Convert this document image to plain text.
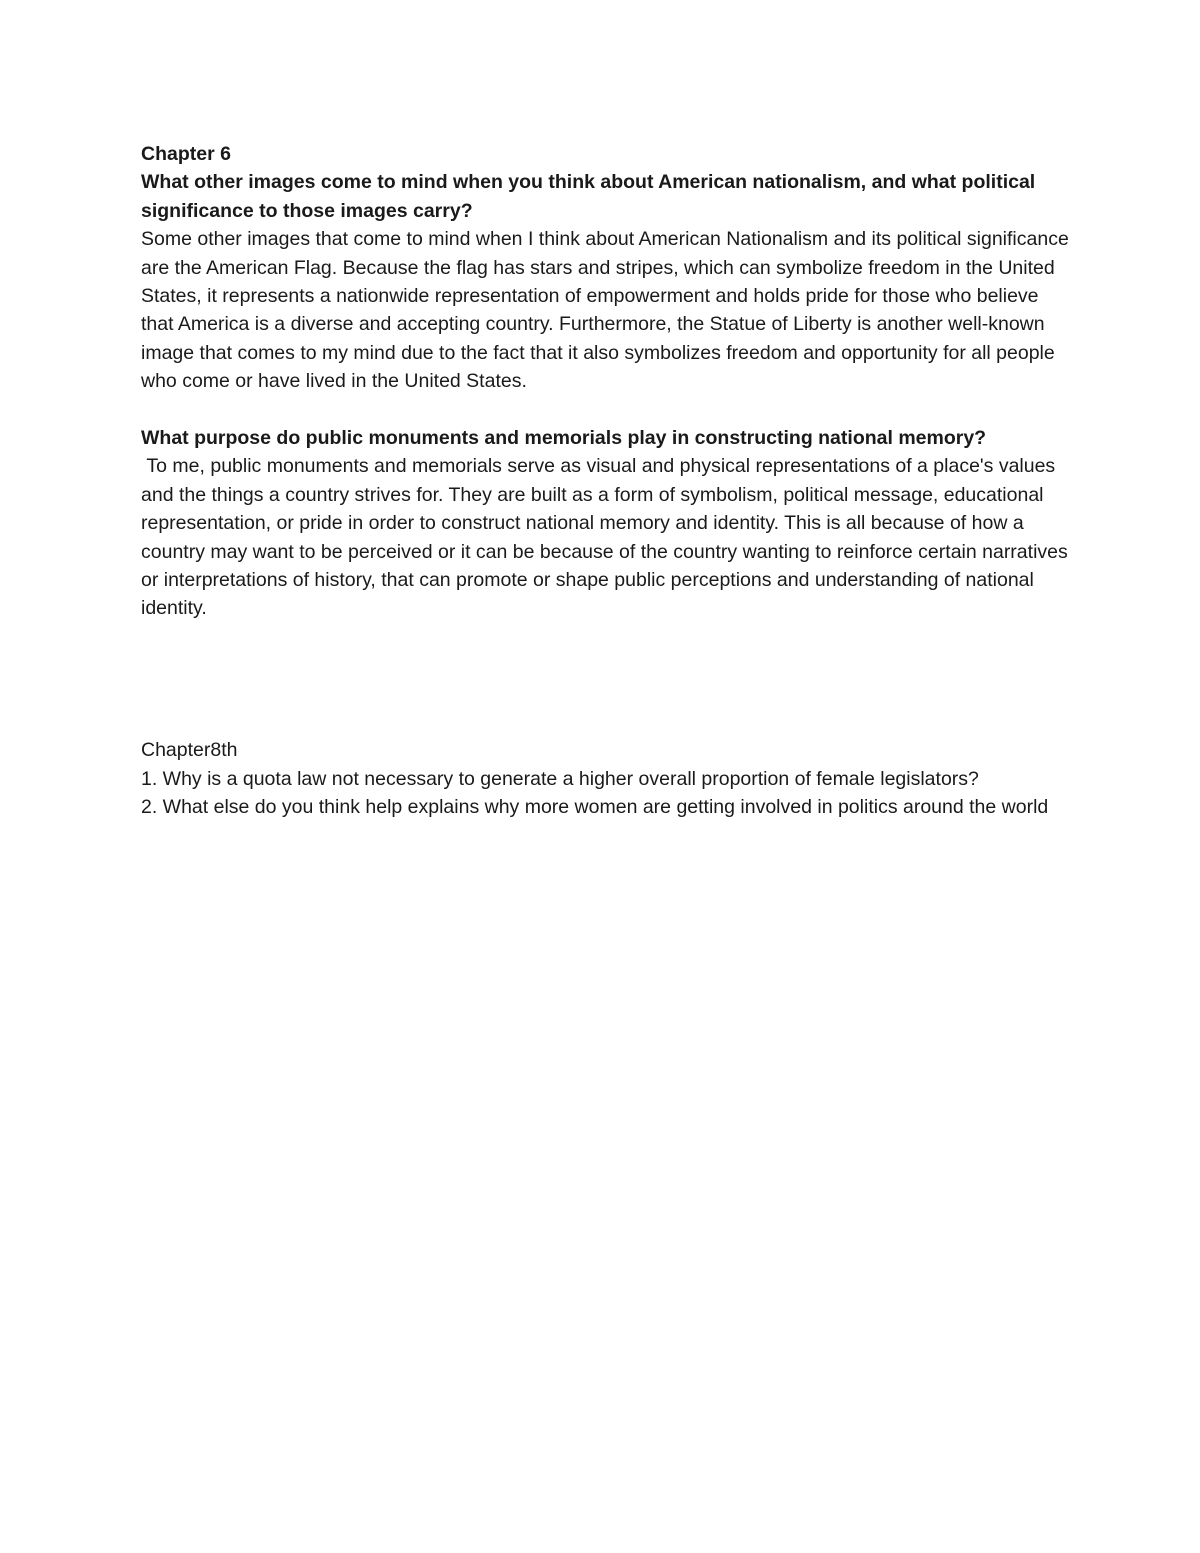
Chapter 6

What other images come to mind when you think about American nationalism, and what political significance to those images carry?

Some other images that come to mind when I think about American Nationalism and its political significance are the American Flag. Because the flag has stars and stripes, which can symbolize freedom in the United States, it represents a nationwide representation of empowerment and holds pride for those who believe that America is a diverse and accepting country. Furthermore, the Statue of Liberty is another well-known image that comes to my mind due to the fact that it also symbolizes freedom and opportunity for all people who come or have lived in the United States.

What purpose do public monuments and memorials play in constructing national memory?

To me, public monuments and memorials serve as visual and physical representations of a place's values and the things a country strives for. They are built as a form of symbolism, political message, educational representation, or pride in order to construct national memory and identity. This is all because of how a country may want to be perceived or it can be because of the country wanting to reinforce certain narratives or interpretations of history, that can promote or shape public perceptions and understanding of national identity.

Chapter8th

1. Why is a quota law not necessary to generate a higher overall proportion of female legislators?

2. What else do you think help explains why more women are getting involved in politics around the world
